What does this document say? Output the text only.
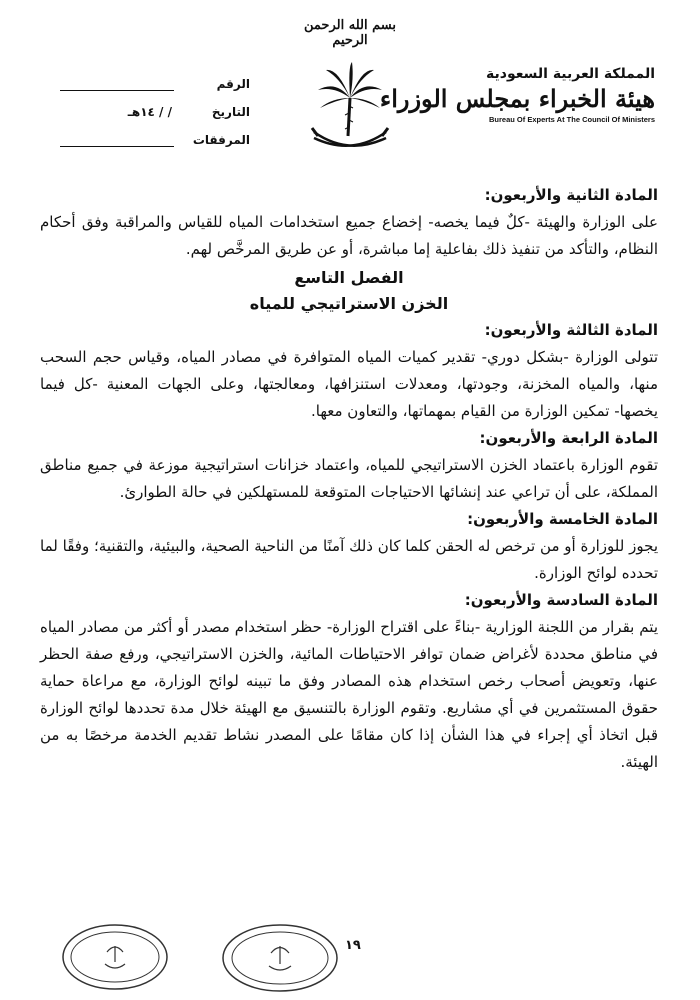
الرقم
التاريخ
/ / ١٤هـ
المرفقات
بسم الله الرحمن الرحيم
المملكة العربية السعودية
هيئة الخبراء بمجلس الوزراء
Bureau Of Experts At The Council Of Ministers

المادة الثانية والأربعون:

على الوزارة والهيئة -كلٌ فيما يخصه- إخضاع جميع استخدامات المياه للقياس والمراقبة وفق أحكام النظام، والتأكد من تنفيذ ذلك بفاعلية إما مباشرة، أو عن طريق المرخَّص لهم.

الفصل التاسع

الخزن الاستراتيجي للمياه

المادة الثالثة والأربعون:

تتولى الوزارة -بشكل دوري- تقدير كميات المياه المتوافرة في مصادر المياه، وقياس حجم السحب منها، والمياه المخزنة، وجودتها، ومعدلات استنزافها، ومعالجتها، وعلى الجهات المعنية -كل فيما يخصها- تمكين الوزارة من القيام بمهماتها، والتعاون معها.

المادة الرابعة والأربعون:

تقوم الوزارة باعتماد الخزن الاستراتيجي للمياه، واعتماد خزانات استراتيجية موزعة في جميع مناطق المملكة، على أن تراعي عند إنشائها الاحتياجات المتوقعة للمستهلكين في حالة الطوارئ.

المادة الخامسة والأربعون:

يجوز للوزارة أو من ترخص له الحقن كلما كان ذلك آمنًا من الناحية الصحية، والبيئية، والتقنية؛ وفقًا لما تحدده لوائح الوزارة.

المادة السادسة والأربعون:

يتم بقرار من اللجنة الوزارية -بناءً على اقتراح الوزارة- حظر استخدام مصدر أو أكثر من مصادر المياه في مناطق محددة لأغراض ضمان توافر الاحتياطات المائية، والخزن الاستراتيجي، ورفع صفة الحظر عنها، وتعويض أصحاب رخص استخدام هذه المصادر وفق ما تبينه لوائح الوزارة، مع مراعاة حماية حقوق المستثمرين في أي مشاريع. وتقوم الوزارة بالتنسيق مع الهيئة خلال مدة تحددها لوائح الوزارة قبل اتخاذ أي إجراء في هذا الشأن إذا كان مقامًا على المصدر نشاط تقديم الخدمة مرخصًا به من الهيئة.

١٩
